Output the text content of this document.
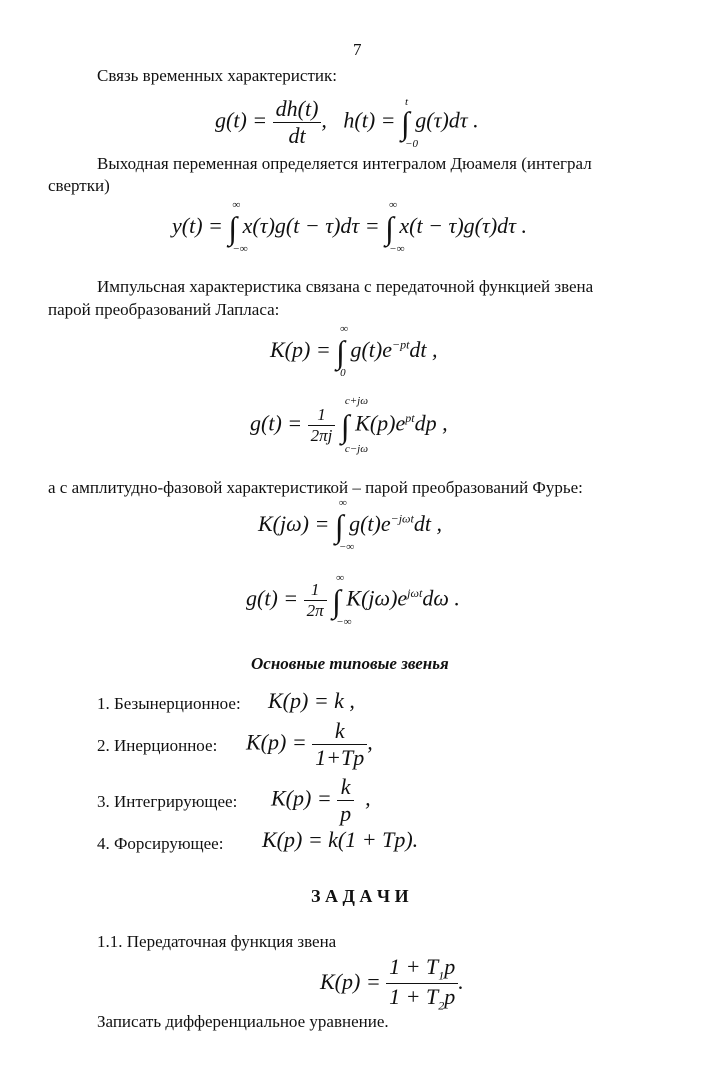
7
Связь временных характеристик:
$g(t) = \frac{dh(t)}{dt}$ ,   h(t) = ∫
t
−0
g(τ)dτ .
Выходная переменная определяется интегралом Дюамеля (интеграл
свертки)
y(t) = ∫
∞
−∞
x(τ)g(t − τ)dτ = ∫
∞
−∞
x(t − τ)g(τ)dτ .
Импульсная характеристика связана с передаточной функцией звена
парой преобразований Лапласа:
K(p) = ∫
∞
0
$g(t)e^{-pt}dt$ ,
$g(t) = \frac{1}{2\pi j}$ ∫
c+jω
c−jω
$K(p)e^{pt}dp$ ,
а с амплитудно-фазовой характеристикой – парой преобразований Фурье:
K(jω) = ∫
∞
−∞
$g(t)e^{-j\omega t}dt$ ,
$g(t) = \frac{1}{2\pi}$ ∫
∞
−∞
$K(j\omega)e^{j\omega t}d\omega$ .
Основные типовые звенья
1. Безынерционное: K(p) = k ,
2. Инерционное: $K(p) = \frac{k}{1+Tp}$ ,
3. Интегрирующее: $K(p) = \frac{k}{p}$ ,
4. Форсирующее: K(p) = k(1 + Tp).
З А Д А Ч И
1.1. Передаточная функция звена
$K(p) = \frac{1 + T_1p}{1 + T_2p}$ .
Записать дифференциальное уравнение.
